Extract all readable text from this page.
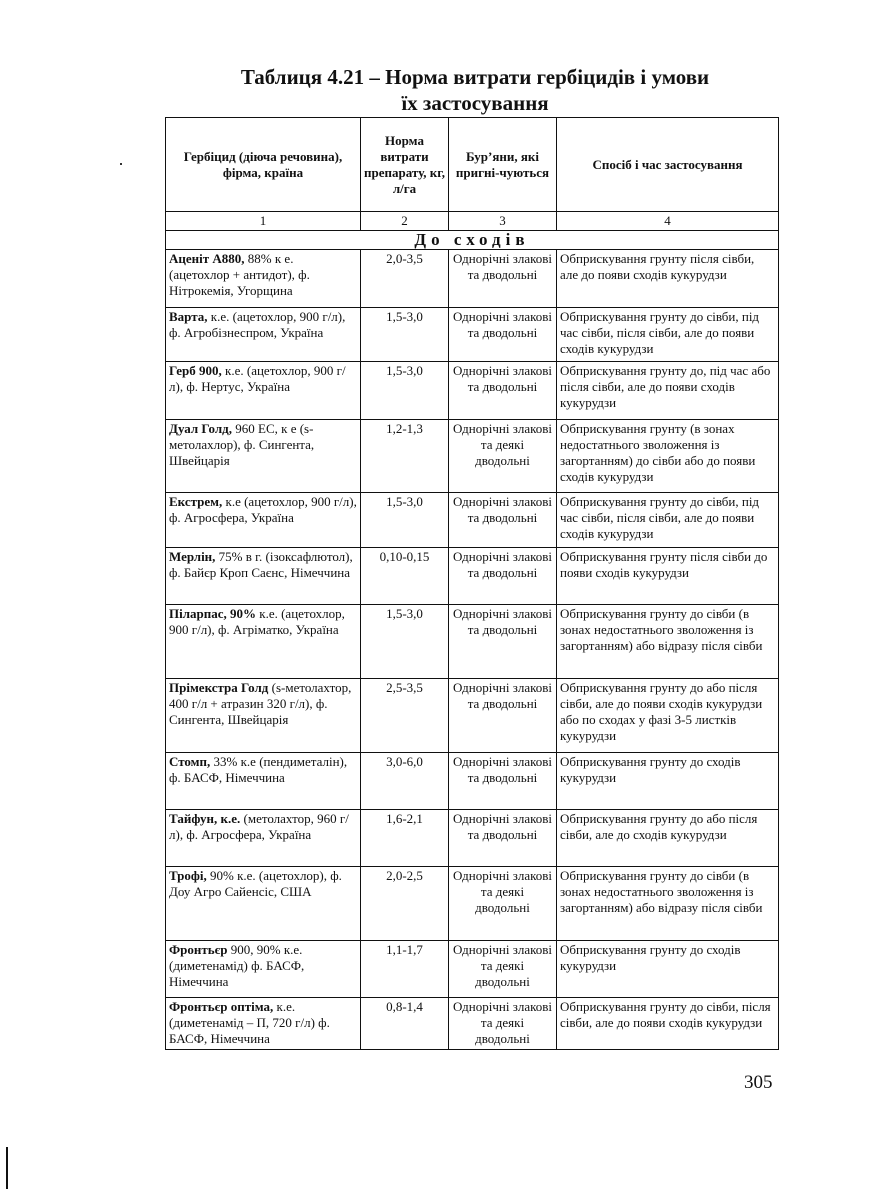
Таблиця 4.21 – Норма витрати гербіцидів і умови
їх застосування
Гербіцид (діюча речовина), фірма, країна	Норма витрати препарату, кг, л/га	Бур’яни, які пригні-чуються	Спосіб і час застосування
1	2	3	4
До сходів			
Аценіт А880, 88% к е. (ацетохлор + антидот), ф. Нітрокемія, Угорщина	2,0-3,5	Однорічні злакові та дводольні	Обприскування грунту після сівби, але до появи сходів кукурудзи
Варта, к.е. (ацетохлор, 900 г/л), ф. Агробізнеспром, Україна	1,5-3,0	Однорічні злакові та дводольні	Обприскування грунту до сівби, під час сівби, після сівби, але до появи сходів кукурудзи
Герб 900, к.е. (ацетохлор, 900 г/л), ф. Нертус, Україна	1,5-3,0	Однорічні злакові та дводольні	Обприскування грунту до, під час або після сівби, але до появи сходів кукурудзи
Дуал Голд, 960 ЕС, к е (s-метолахлор), ф. Сингента, Швейцарія	1,2-1,3	Однорічні злакові та деякі дводольні	Обприскування грунту (в зонах недостатнього зволоження із загортанням) до сівби або до появи сходів кукурудзи
Екстрем, к.е (ацетохлор, 900 г/л), ф. Агросфера, Україна	1,5-3,0	Однорічні злакові та дводольні	Обприскування грунту до сівби, під час сівби, після сівби, але до появи сходів кукурудзи
Мерлін, 75% в г. (ізоксафлютол), ф. Байєр Кроп Саєнс, Німеччина	0,10-0,15	Однорічні злакові та дводольні	Обприскування грунту після сівби до появи сходів кукурудзи
Піларпас, 90% к.е. (ацетохлор, 900 г/л), ф. Агріматко, Україна	1,5-3,0	Однорічні злакові та дводольні	Обприскування грунту до сівби (в зонах недостатнього зволоження із загортанням) або відразу після сівби
Прімекстра Голд (s-метолахтор, 400 г/л + атразин 320 г/л), ф. Сингента, Швейцарія	2,5-3,5	Однорічні злакові та дводольні	Обприскування грунту до або після сівби, але до появи сходів кукурудзи або по сходах у фазі 3-5 листків кукурудзи
Стомп, 33% к.е (пендиметалін), ф. БАСФ, Німеччина	3,0-6,0	Однорічні злакові та дводольні	Обприскування грунту до сходів кукурудзи
Тайфун, к.е. (метолахтор, 960 г/л), ф. Агросфера, Україна	1,6-2,1	Однорічні злакові та дводольні	Обприскування грунту до або після сівби, але до сходів кукурудзи
Трофі, 90% к.е. (ацетохлор), ф. Доу Агро Сайенсіс, США	2,0-2,5	Однорічні злакові та деякі дводольні	Обприскування грунту до сівби (в зонах недостатнього зволоження із загортанням) або відразу після сівби
Фронтьєр 900, 90% к.е. (диметенамід) ф. БАСФ, Німеччина	1,1-1,7	Однорічні злакові та деякі дводольні	Обприскування грунту до сходів кукурудзи
Фронтьєр оптіма, к.е. (диметенамід – П, 720 г/л) ф. БАСФ, Німеччина	0,8-1,4	Однорічні злакові та деякі дводольні	Обприскування грунту до сівби, після сівби, але до появи сходів кукурудзи
305
